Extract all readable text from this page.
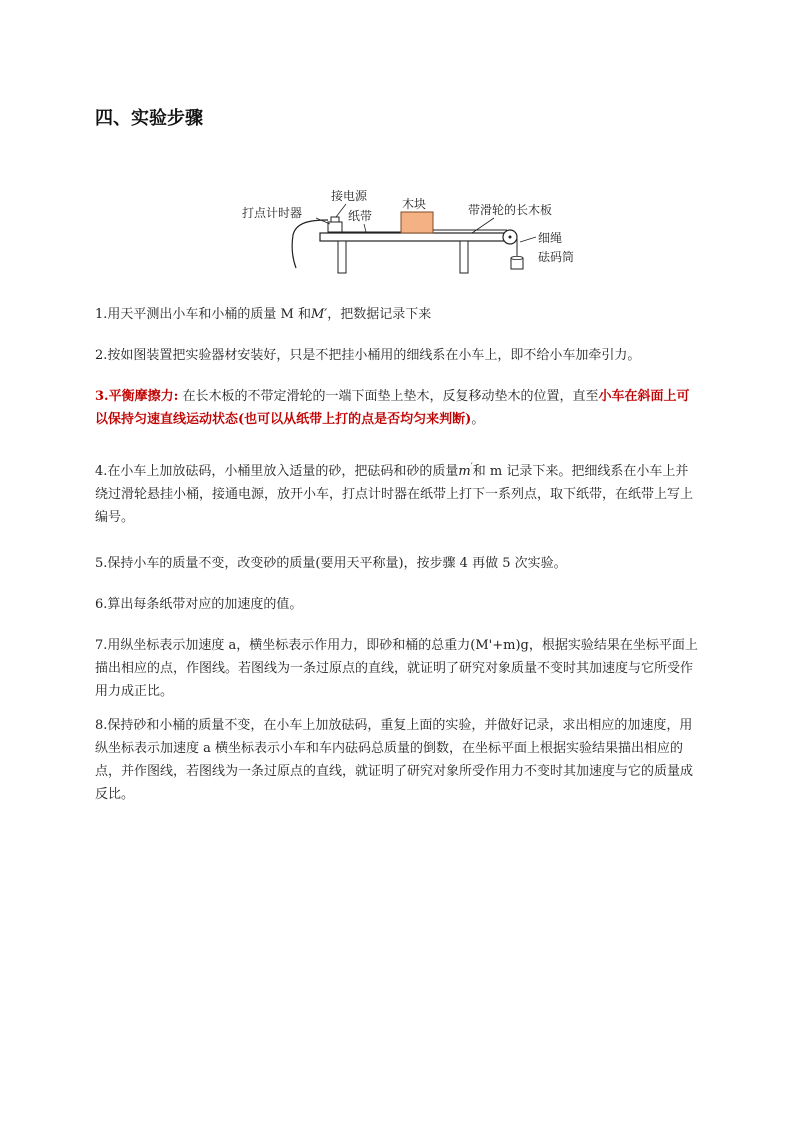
四、实验步骤
打点计时器
接电源
纸带
木块	带滑轮的长木板
细绳
砝码筒
1.用天平测出小车和小桶的质量 M 和M′，把数据记录下来
2.按如图装置把实验器材安装好，只是不把挂小桶用的细线系在小车上，即不给小车加牵引力。
3.平衡摩擦力: 在长木板的不带定滑轮的一端下面垫上垫木，反复移动垫木的位置，直至小车在斜面上可以保持匀速直线运动状态(也可以从纸带上打的点是否均匀来判断)。
4.在小车上加放砝码，小桶里放入适量的砂，把砝码和砂的质量m′和 m 记录下来。把细线系在小车上并绕过滑轮悬挂小桶，接通电源，放开小车，打点计时器在纸带上打下一系列点，取下纸带，在纸带上写上编号。
5.保持小车的质量不变，改变砂的质量(要用天平称量)，按步骤 4 再做 5 次实验。
6.算出每条纸带对应的加速度的值。
7.用纵坐标表示加速度 a，横坐标表示作用力，即砂和桶的总重力(M'+m)g，根据实验结果在坐标平面上描出相应的点，作图线。若图线为一条过原点的直线，就证明了研究对象质量不变时其加速度与它所受作用力成正比。
8.保持砂和小桶的质量不变，在小车上加放砝码，重复上面的实验，并做好记录，求出相应的加速度，用纵坐标表示加速度 a 横坐标表示小车和车内砝码总质量的倒数，在坐标平面上根据实验结果描出相应的点，并作图线，若图线为一条过原点的直线，就证明了研究对象所受作用力不变时其加速度与它的质量成反比。
